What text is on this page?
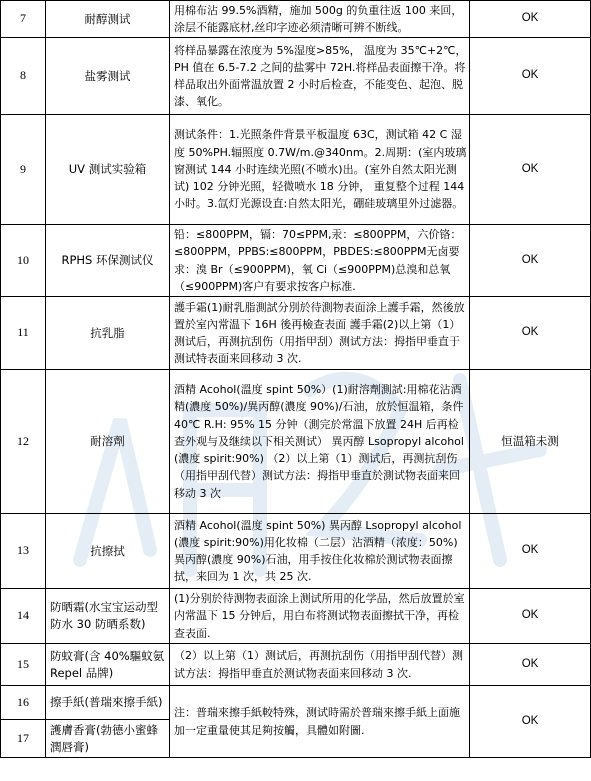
7	耐醇测试	用棉布沾 99.5%酒精，施加 500g 的负重往返 100 来回，涂层不能露底材,丝印字迹必须清晰可辨不断线。	OK
8	盐雾测试	将样品暴露在浓度为 5%湿度>85%， 温度为 35℃+2℃，PH 值在 6.5-7.2 之间的盐雾中 72H.将样品表面擦干净。将样品取出外面常温放置 2 小时后检查，不能变色、起泡、脱漆、氧化。	OK
9	UV 测试实验箱	测试条件：1.光照条件背景平板温度 63C，测试箱 42 C 湿度 50%PH.辐照度 0.7W/m.@340nm。2.周期：(室内玻璃窗测试 144 小时连续光照(不喷水)出。(室外自然太阳光测试) 102 分钟光照，轻微喷水 18 分钟， 重复整个过程 144 小时。3.氙灯光源设直:自然太阳光，硼硅玻璃里外过滤器。	OK
10	RPHS 环保测试仪	铅：≤800PPM，镉：70≤PPM,汞：≤800PPM，六价铬：≤800PPM，PPBS:≤800PPM，PBDES:≤800PPM无卤要求：溴 Br（≤900PPM)，氧 Ci（≤900PPM)总溴和总氧（≤900PPM)客户有要求按客户标准.	OK
11	抗乳脂	護手霜(1)耐乳脂測試分別於待測物表面涂上護手霜，然後放置於室內常温下 16H 後再檢查表面 護手霜(2)以上第（1）测试后，再测抗刮伤（用指甲刮）测试方法：拇指甲垂直于测试特表面来回移动 3 次.	OK
12	耐溶劑	酒精 Acohol(溫度 spint 50%）(1)耐溶劑測試:用棉花沾酒精(濃度 50%)/異丙醇(濃度 90%)/石油，放於恒温箱，条件 40℃ R.H: 95% 15 分钟（測完於常溫下放置 24H 后再检查外观与及继续以下相关测试） 異丙醇 Lsopropyl alcohol(濃度 spirit:90%) （2）以上第（1）测试后，再测抗刮伤（用指甲刮代替）测试方法：拇指甲垂直於測试物表面来回移动 3 次	恒温箱未测
13	抗擦拭	酒精 Acohol(溫度 spint 50%) 異丙醇 Lsopropyl alcohol(濃度 spirit:90%)用化妆棉（二层）沾酒精（浓度：50%)異丙醇(濃度 90%)石油，用手按住化妆棉於测试物表面擦拭，来回为 1 次，共 25 次.	OK
14	防晒霜(水宝宝运动型防水 30 防晒系数)	(1)分别於待测物表面涂上测试所用的化学品，然后放置於室内常温下 15 分钟后，用白布将测试物表面擦拭干净，再检查表面.	OK
15	防蚊膏(含 40%驅蚊氨 Repel 品牌)	（2）以上第（1）测试后，再测抗刮伤（用指甲刮代替）测试方法：拇指甲垂直於测试物表面来回移动 3 次.	OK
16	擦手紙(普瑞來擦手紙)	注：普瑞來擦手紙較特殊，测试時需於普瑞來擦手紙上面施加一定重量使其足夠按觸，具體如附圖.	OK
17	護膚香膏(勃德小蜜蜂潤唇膏)		
